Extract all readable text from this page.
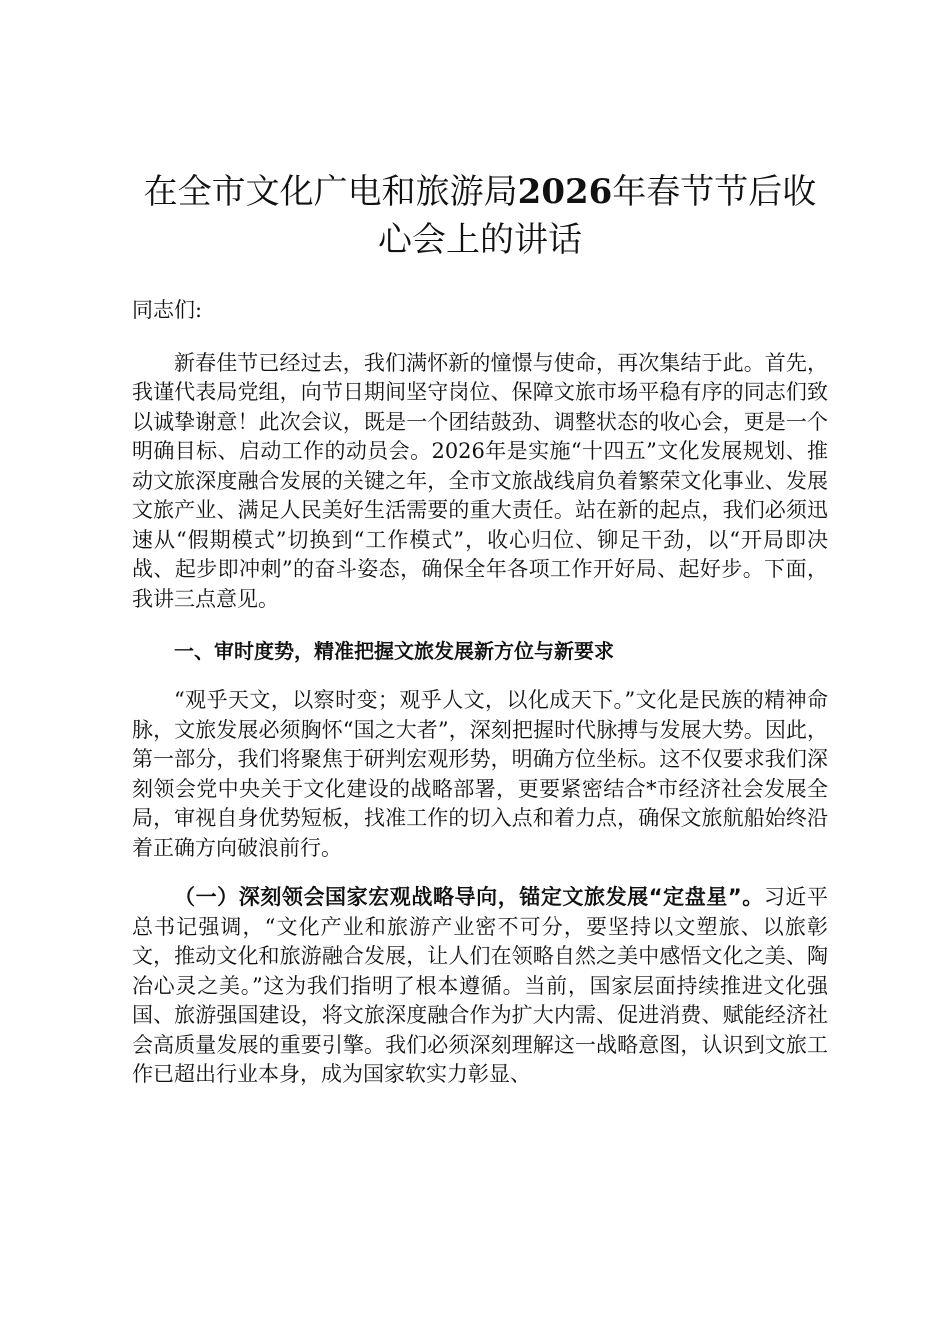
在全市文化广电和旅游局2026年春节节后收心会上的讲话
同志们:

新春佳节已经过去，我们满怀新的憧憬与使命，再次集结于此。首先，我谨代表局党组，向节日期间坚守岗位、保障文旅市场平稳有序的同志们致以诚挚谢意！此次会议，既是一个团结鼓劲、调整状态的收心会，更是一个明确目标、启动工作的动员会。2026年是实施“十四五”文化发展规划、推动文旅深度融合发展的关键之年，全市文旅战线肩负着繁荣文化事业、发展文旅产业、满足人民美好生活需要的重大责任。站在新的起点，我们必须迅速从“假期模式”切换到“工作模式”，收心归位、铆足干劲，以“开局即决战、起步即冲刺”的奋斗姿态，确保全年各项工作开好局、起好步。下面，我讲三点意见。

一、审时度势，精准把握文旅发展新方位与新要求

“观乎天文，以察时变；观乎人文，以化成天下。”文化是民族的精神命脉，文旅发展必须胸怀“国之大者”，深刻把握时代脉搏与发展大势。因此，第一部分，我们将聚焦于研判宏观形势，明确方位坐标。这不仅要求我们深刻领会党中央关于文化建设的战略部署，更要紧密结合*市经济社会发展全局，审视自身优势短板，找准工作的切入点和着力点，确保文旅航船始终沿着正确方向破浪前行。

（一）深刻领会国家宏观战略导向，锚定文旅发展“定盘星”。习近平总书记强调，“文化产业和旅游产业密不可分，要坚持以文塑旅、以旅彰文，推动文化和旅游融合发展，让人们在领略自然之美中感悟文化之美、陶冶心灵之美。”这为我们指明了根本遵循。当前，国家层面持续推进文化强国、旅游强国建设，将文旅深度融合作为扩大内需、促进消费、赋能经济社会高质量发展的重要引擎。我们必须深刻理解这一战略意图，认识到文旅工作已超出行业本身，成为国家软实力彰显、
